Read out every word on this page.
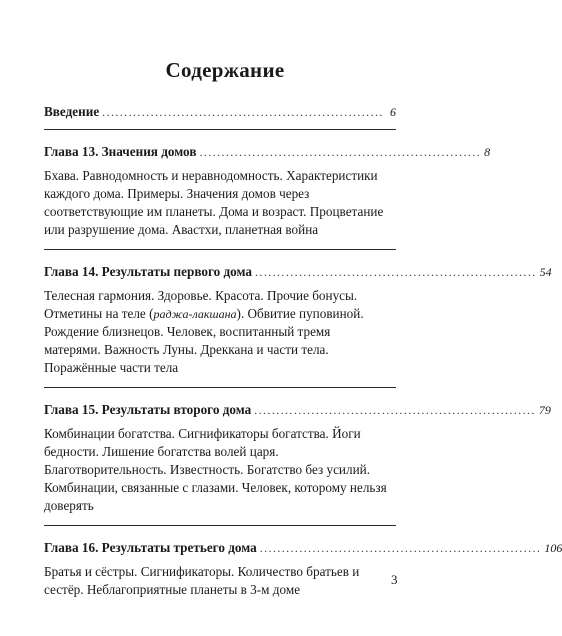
Содержание
Введение ................................................................ 6
Глава 13. Значения домов ................................................................ 8
Бхава. Равнодомность и неравнодомность. Характеристики каждого дома. Примеры. Значения домов через соответствующие им планеты. Дома и возраст. Процветание или разрушение дома. Авастхи, планетная война
Глава 14. Результаты первого дома ................................................................ 54
Телесная гармония. Здоровье. Красота. Прочие бонусы. Отметины на теле (раджа-лакшана). Обвитие пуповиной. Рождение близнецов. Человек, воспитанный тремя матерями. Важность Луны. Дреккана и части тела. Поражённые части тела
Глава 15. Результаты второго дома ................................................................ 79
Комбинации богатства. Сигнификаторы богатства. Йоги бедности. Лишение богатства волей царя. Благотворительность. Известность. Богатство без усилий. Комбинации, связанные с глазами. Человек, которому нельзя доверять
Глава 16. Результаты третьего дома ................................................................ 106
Братья и сёстры. Сигнификаторы. Количество братьев и сестёр. Неблагоприятные планеты в 3-м доме
3
